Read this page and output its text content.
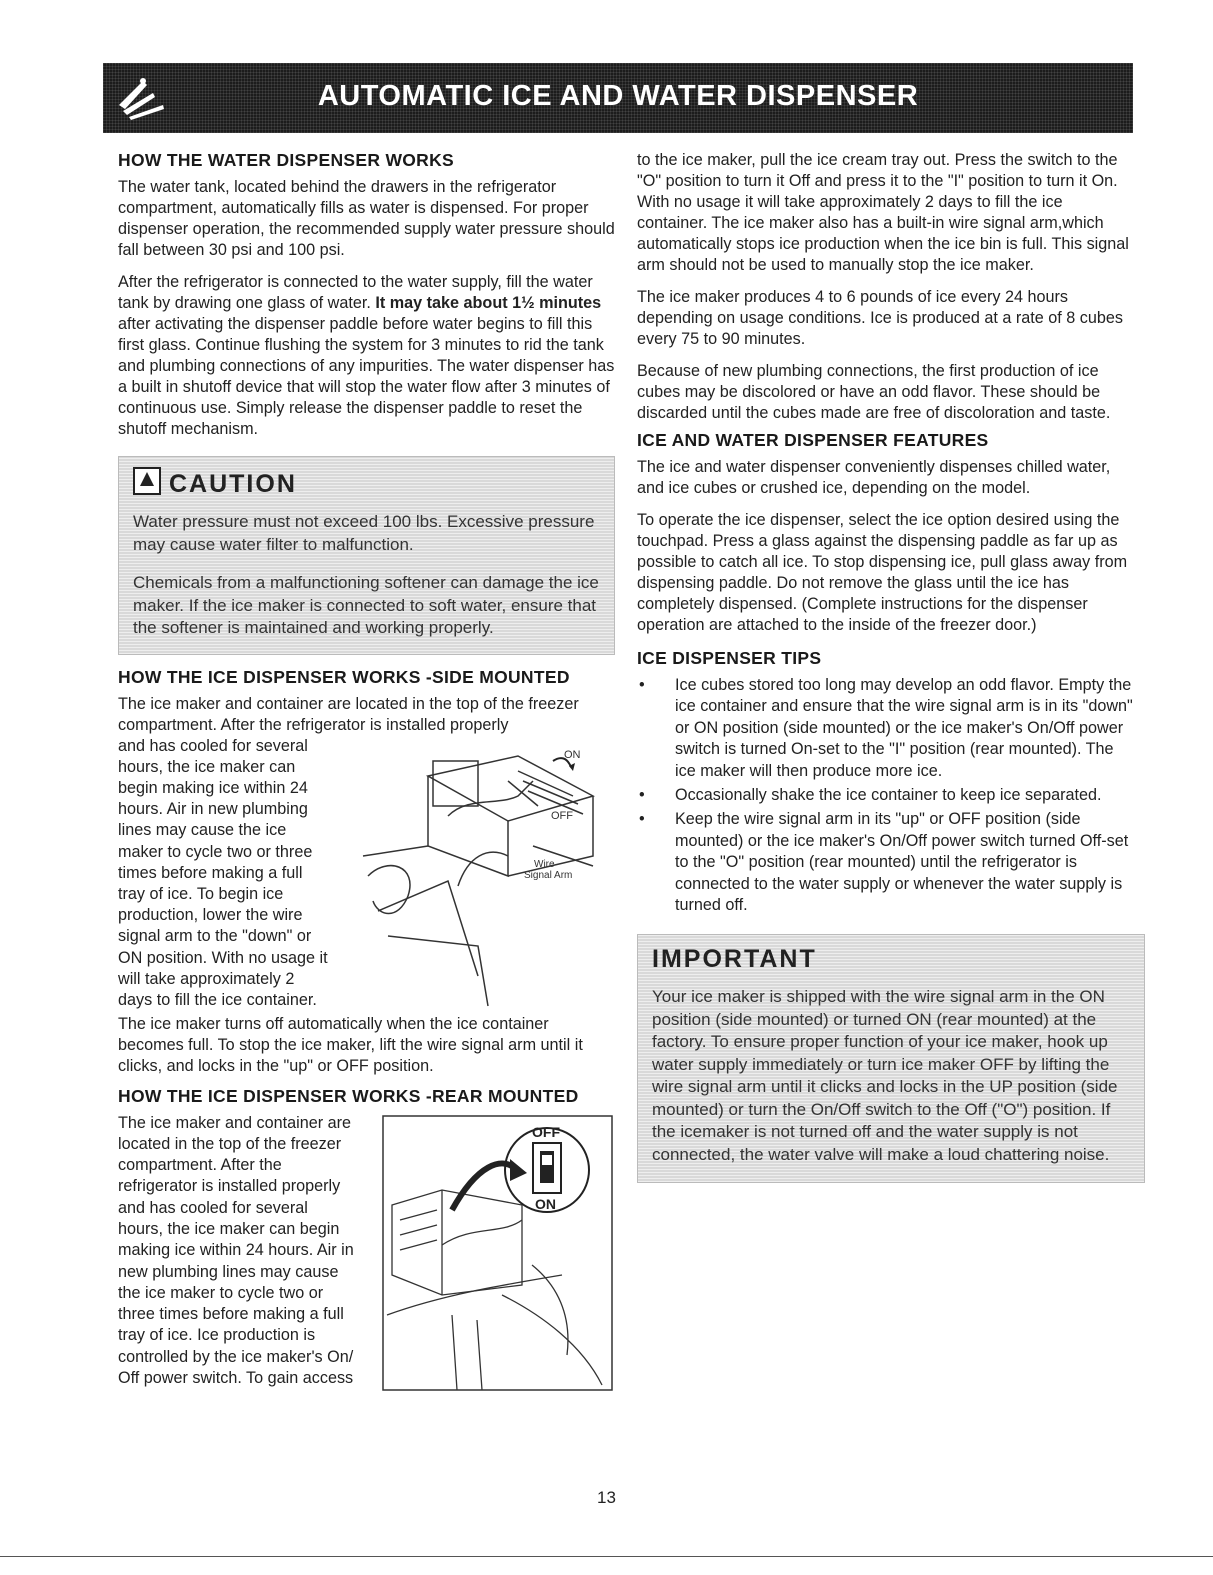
AUTOMATIC ICE AND WATER DISPENSER
HOW THE WATER DISPENSER WORKS

The water tank, located behind the drawers in the refrigerator compartment, automatically fills as water is dispensed. For proper dispenser operation, the recommended supply water pressure should fall between 30 psi and 100 psi.

After the refrigerator is connected to the water supply, fill the water tank by drawing one glass of water. It may take about 1½ minutes after activating the dispenser paddle before water begins to fill this first glass. Continue flushing the system for 3 minutes to rid the tank and plumbing connections of any impurities. The water dispenser has a built in shutoff device that will stop the water flow after 3 minutes of continuous use. Simply release the dispenser paddle to reset the shutoff mechanism.

CAUTION

Water pressure must not exceed 100 lbs. Excessive pressure may cause water filter to malfunction.

Chemicals from a malfunctioning softener can damage the ice maker. If the ice maker is connected to soft water, ensure that the softener is maintained and working properly.

HOW THE ICE DISPENSER WORKS -SIDE MOUNTED

The ice maker and container are located in the top of the freezer compartment. After the refrigerator is installed properly

and has cooled for several
hours, the ice maker can
begin making ice within 24
hours. Air in new plumbing
lines may cause the ice
maker to cycle two or three
times before making a full
tray of ice. To begin ice
production, lower the wire
signal arm to the "down" or
ON position. With no usage it
will take approximately 2
days to fill the ice container.
ON
OFF
Wire
Signal Arm

The ice maker turns off automatically when the ice container becomes full. To stop the ice maker, lift the wire signal arm until it clicks, and locks in the "up" or OFF position.

HOW THE ICE DISPENSER WORKS -REAR MOUNTED
The ice maker and container are
located in the top of the freezer
compartment. After the
refrigerator is installed properly
and has cooled for several
hours, the ice maker can begin
making ice within 24 hours. Air in
new plumbing lines may cause
the ice maker to cycle two or
three times before making a full
tray of ice. Ice production is
controlled by the ice maker's On/
Off power switch. To gain access
OFF
ON

to the ice maker, pull the ice cream tray out. Press the switch to the "O" position to turn it Off and press it to the "I" position to turn it On. With no usage it will take approximately 2 days to fill the ice container. The ice maker also has a built-in wire signal arm,which automatically stops ice production when the ice bin is full. This signal arm should not be used to manually stop the ice maker.

The ice maker produces 4 to 6 pounds of ice every 24 hours depending on usage conditions. Ice is produced at a rate of 8 cubes every 75 to 90 minutes.

Because of new plumbing connections, the first production of ice cubes may be discolored or have an odd flavor. These should be discarded until the cubes made are free of discoloration and taste.

ICE AND WATER DISPENSER FEATURES

The ice and water dispenser conveniently dispenses chilled water, and ice cubes or crushed ice, depending on the model.

To operate the ice dispenser, select the ice option desired using the touchpad. Press a glass against the dispensing paddle as far up as possible to catch all ice. To stop dispensing ice, pull glass away from dispensing paddle. Do not remove the glass until the ice has completely dispensed. (Complete instructions for the dispenser operation are attached to the inside of the freezer door.)

ICE DISPENSER TIPS
• Ice cubes stored too long may develop an odd flavor. Empty the ice container and ensure that the wire signal arm is in its "down" or ON position (side mounted) or the ice maker's On/Off power switch is turned On-set to the "I" position (rear mounted). The ice maker will then produce more ice.
• Occasionally shake the ice container to keep ice separated.
• Keep the wire signal arm in its "up" or OFF position (side mounted) or the ice maker's On/Off power switch turned Off-set to the "O" position (rear mounted) until the refrigerator is connected to the water supply or whenever the water supply is turned off.
IMPORTANT

Your ice maker is shipped with the wire signal arm in the ON position (side mounted) or turned ON (rear mounted) at the factory. To ensure proper function of your ice maker, hook up water supply immediately or turn ice maker OFF by lifting the wire signal arm until it clicks and locks in the UP position (side mounted) or turn the On/Off switch to the Off ("O") position. If the icemaker is not turned off and the water supply is not connected, the water valve will make a loud chattering noise.

13
